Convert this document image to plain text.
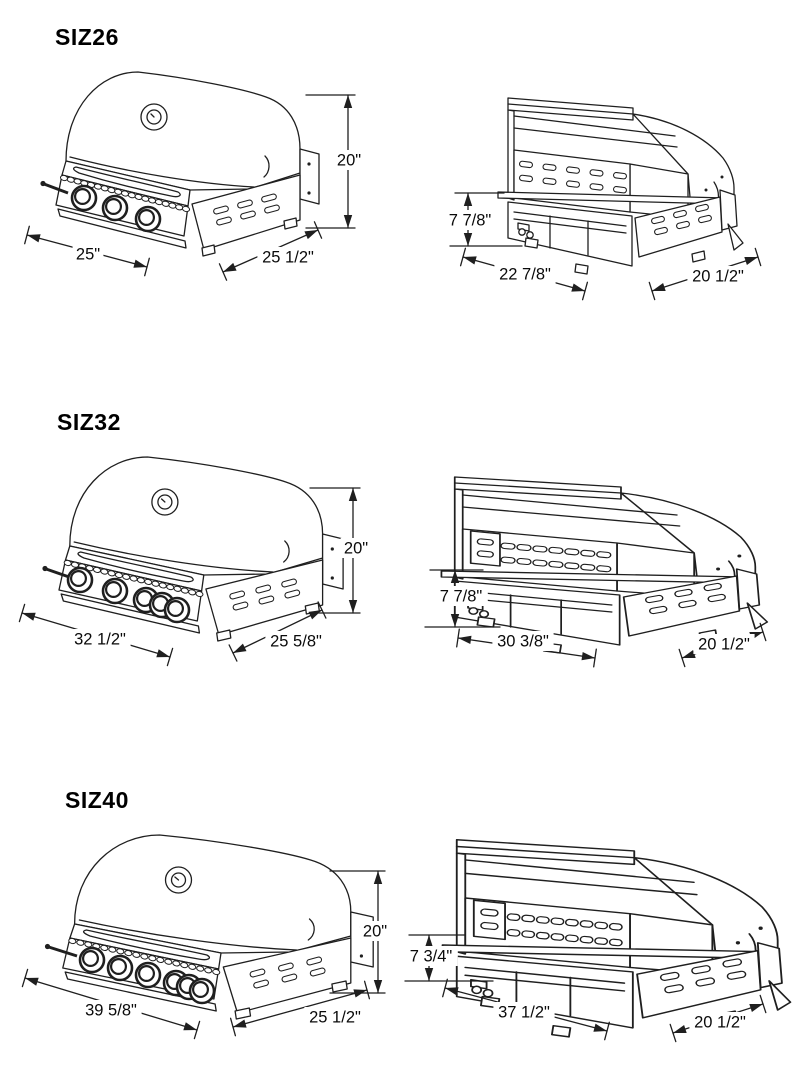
SIZ26
25"	25 1/2"
20"
7 7/8"
22 7/8"	20 1/2"
SIZ32
32 1/2"	25 5/8"
20"
7 7/8"
30 3/8"	20 1/2"
SIZ40
39 5/8"	25 1/2"
20"
7 3/4"
37 1/2"
20 1/2"
